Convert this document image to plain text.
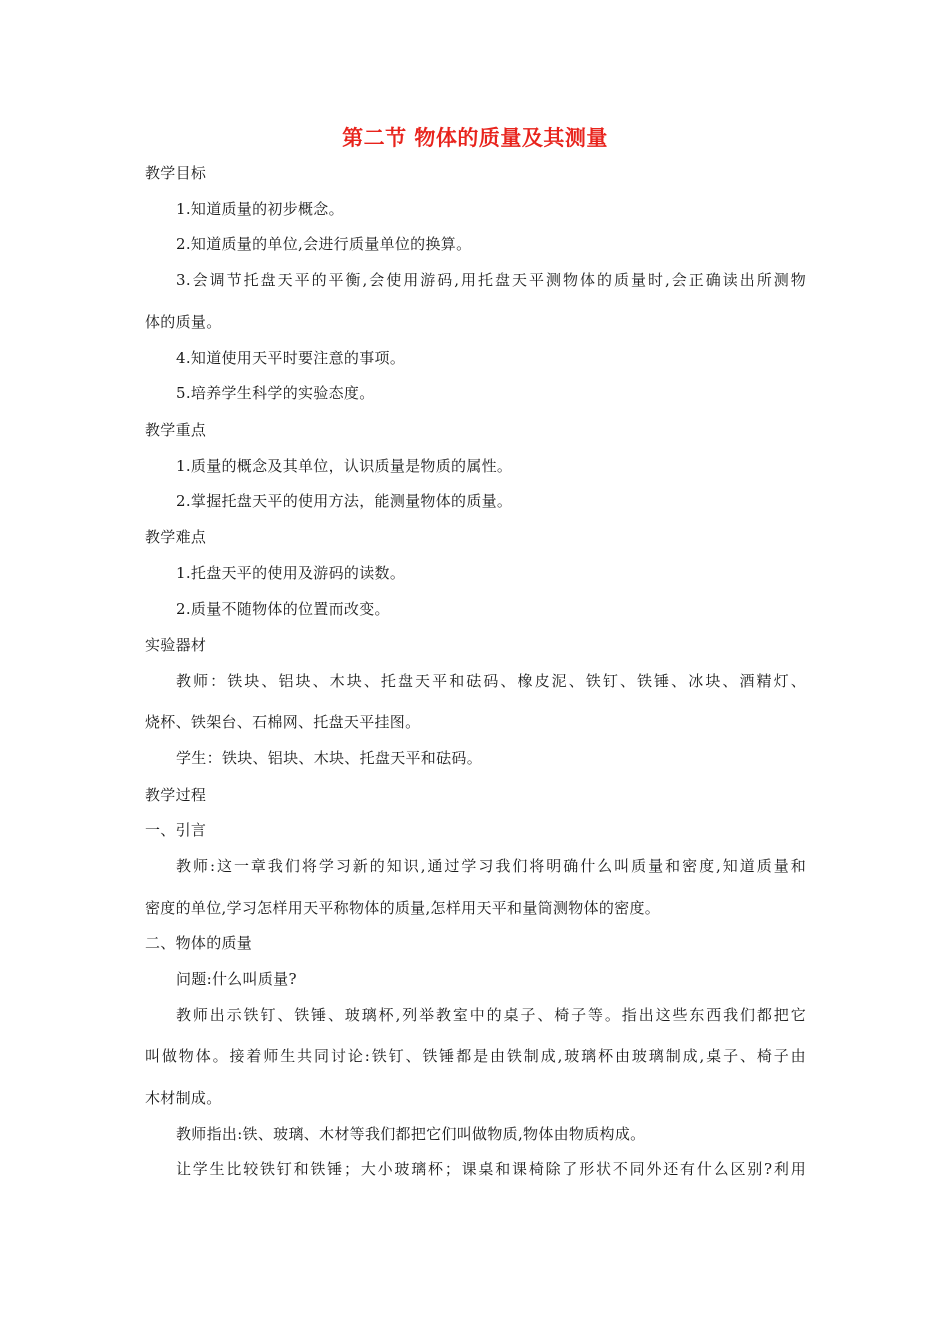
第二节 物体的质量及其测量
教学目标
1.知道质量的初步概念。
2.知道质量的单位,会进行质量单位的换算。
3.会调节托盘天平的平衡,会使用游码,用托盘天平测物体的质量时,会正确读出所测物
体的质量。
4.知道使用天平时要注意的事项。
5.培养学生科学的实验态度。
教学重点
1.质量的概念及其单位，认识质量是物质的属性。
2.掌握托盘天平的使用方法，能测量物体的质量。
教学难点
1.托盘天平的使用及游码的读数。
2.质量不随物体的位置而改变。
实验器材
教师：铁块、铝块、木块、托盘天平和砝码、橡皮泥、铁钉、铁锤、冰块、酒精灯、
烧杯、铁架台、石棉网、托盘天平挂图。
学生：铁块、铝块、木块、托盘天平和砝码。
教学过程
一、引言
教师:这一章我们将学习新的知识,通过学习我们将明确什么叫质量和密度,知道质量和
密度的单位,学习怎样用天平称物体的质量,怎样用天平和量筒测物体的密度。
二、物体的质量
问题:什么叫质量?
教师出示铁钉、铁锤、玻璃杯,列举教室中的桌子、椅子等。指出这些东西我们都把它
叫做物体。接着师生共同讨论:铁钉、铁锤都是由铁制成,玻璃杯由玻璃制成,桌子、椅子由
木材制成。
教师指出:铁、玻璃、木材等我们都把它们叫做物质,物体由物质构成。
让学生比较铁钉和铁锤；大小玻璃杯；课桌和课椅除了形状不同外还有什么区别?利用
